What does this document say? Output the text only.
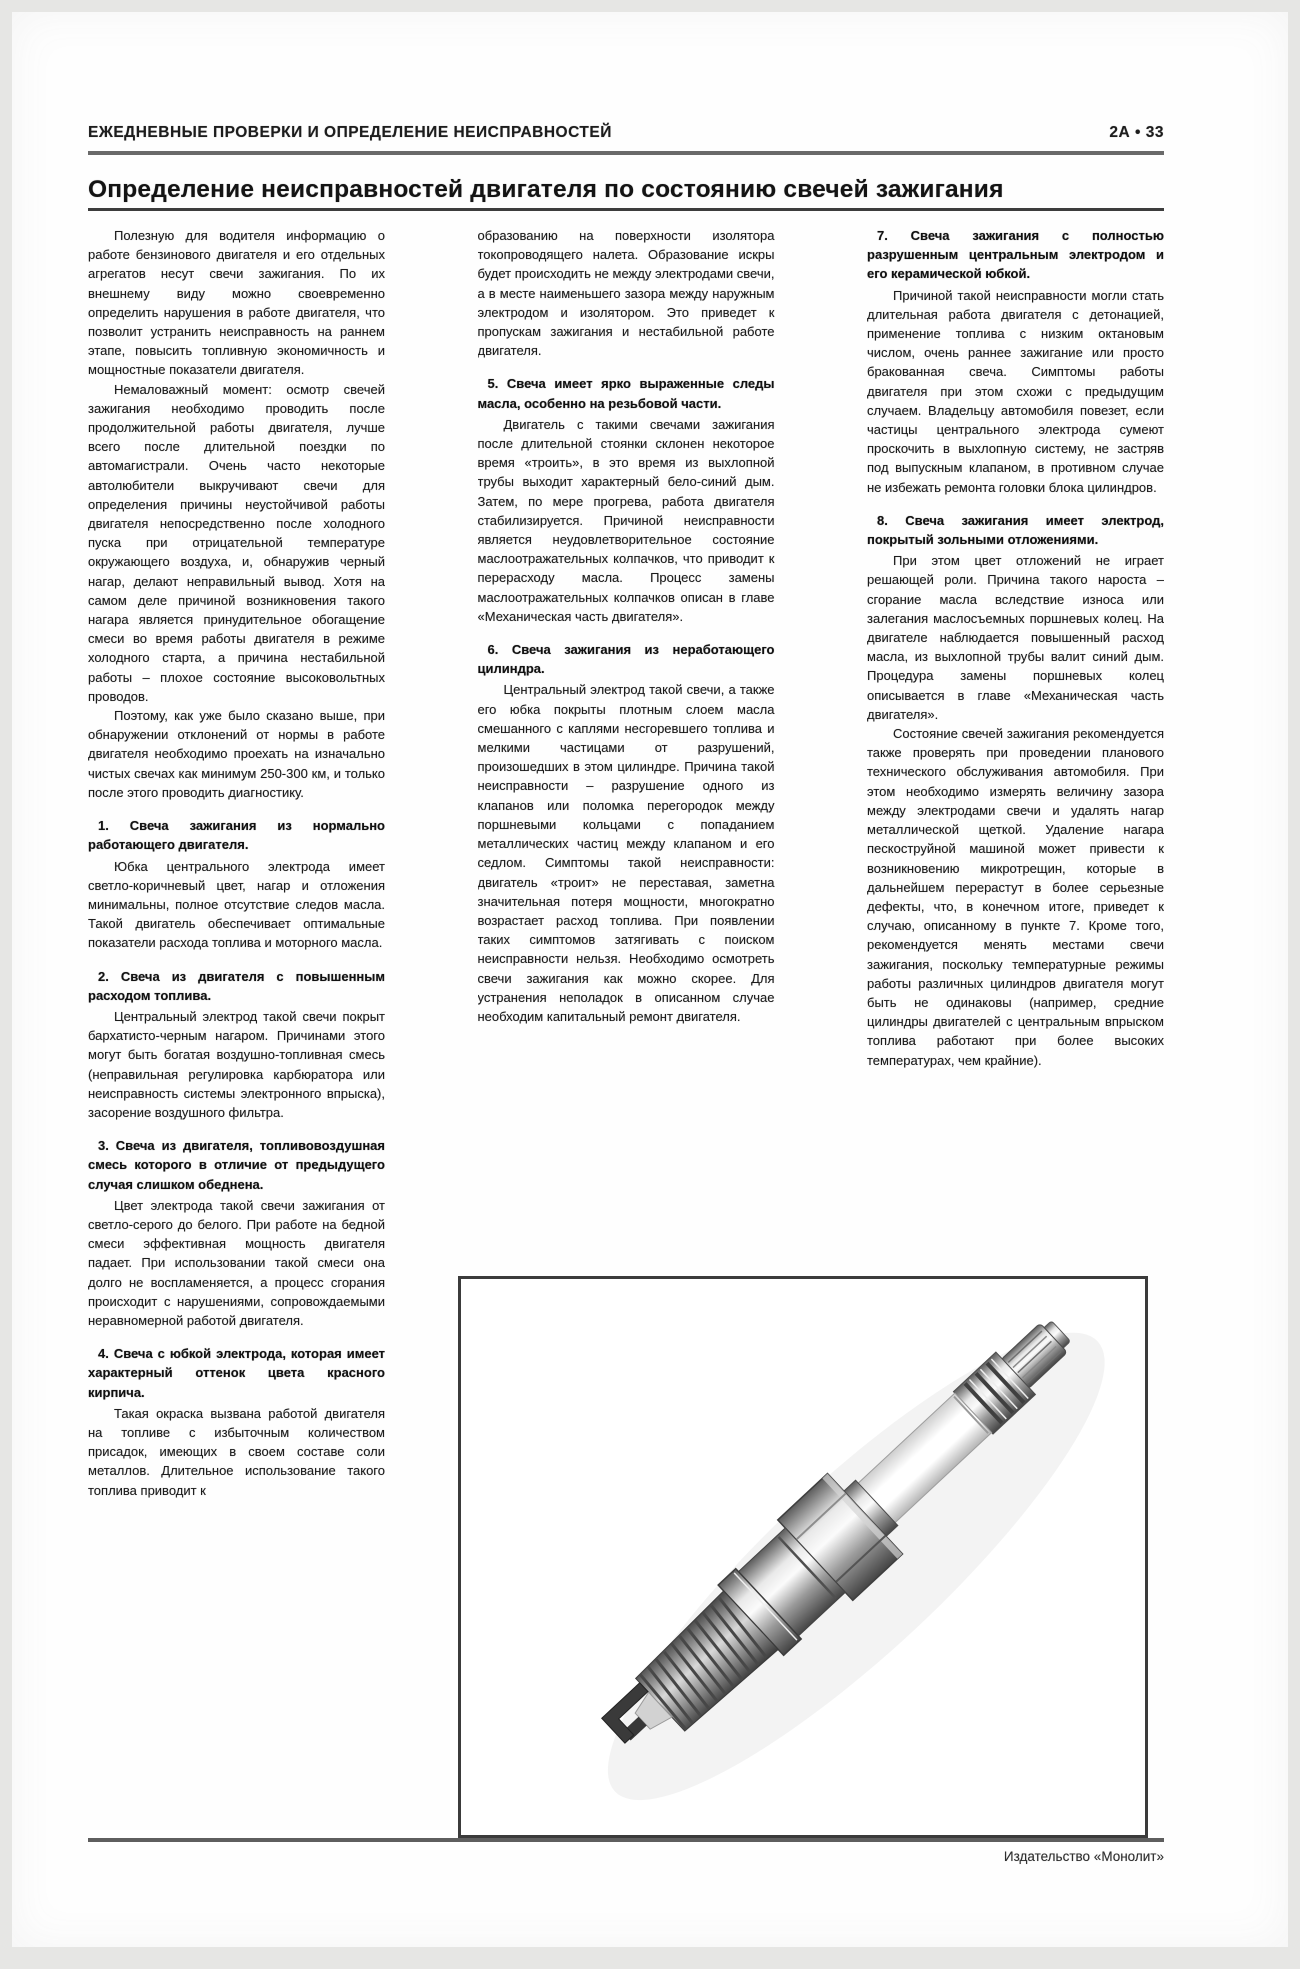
ЕЖЕДНЕВНЫЕ ПРОВЕРКИ И ОПРЕДЕЛЕНИЕ НЕИСПРАВНОСТЕЙ	2А • 33
Определение неисправностей двигателя по состоянию свечей зажигания

Полезную для водителя информацию о работе бензинового двигателя и его отдельных агрегатов несут свечи зажигания. По их внешнему виду можно своевременно определить нарушения в работе двигателя, что позволит устранить неисправность на раннем этапе, повысить топливную экономичность и мощностные показатели двигателя.

Немаловажный момент: осмотр свечей зажигания необходимо проводить после продолжительной работы двигателя, лучше всего после длительной поездки по автомагистрали. Очень часто некоторые автолюбители выкручивают свечи для определения причины неустойчивой работы двигателя непосредственно после холодного пуска при отрицательной температуре окружающего воздуха, и, обнаружив черный нагар, делают неправильный вывод. Хотя на самом деле причиной возникновения такого нагара является принудительное обогащение смеси во время работы двигателя в режиме холодного старта, а причина нестабильной работы – плохое состояние высоковольтных проводов.

Поэтому, как уже было сказано выше, при обнаружении отклонений от нормы в работе двигателя необходимо проехать на изначально чистых свечах как минимум 250-300 км, и только после этого проводить диагностику.

1. Свеча зажигания из нормально работающего двигателя.

Юбка центрального электрода имеет светло-коричневый цвет, нагар и отложения минимальны, полное отсутствие следов масла. Такой двигатель обеспечивает оптимальные показатели расхода топлива и моторного масла.

2. Свеча из двигателя с повышенным расходом топлива.

Центральный электрод такой свечи покрыт бархатисто-черным нагаром. Причинами этого могут быть богатая воздушно-топливная смесь (неправильная регулировка карбюратора или неисправность системы электронного впрыска), засорение воздушного фильтра.

3. Свеча из двигателя, топливовоздушная смесь которого в отличие от предыдущего случая слишком обеднена.

Цвет электрода такой свечи зажигания от светло-серого до белого. При работе на бедной смеси эффективная мощность двигателя падает. При использовании такой смеси она долго не воспламеняется, а процесс сгорания происходит с нарушениями, сопровождаемыми неравномерной работой двигателя.

4. Свеча с юбкой электрода, которая имеет характерный оттенок цвета красного кирпича.

Такая окраска вызвана работой двигателя на топливе с избыточным количеством присадок, имеющих в своем составе соли металлов. Длительное использование такого топлива приводит к

образованию на поверхности изолятора токопроводящего налета. Образование искры будет происходить не между электродами свечи, а в месте наименьшего зазора между наружным электродом и изолятором. Это приведет к пропускам зажигания и нестабильной работе двигателя.

5. Свеча имеет ярко выраженные следы масла, особенно на резьбовой части.

Двигатель с такими свечами зажигания после длительной стоянки склонен некоторое время «троить», в это время из выхлопной трубы выходит характерный бело-синий дым. Затем, по мере прогрева, работа двигателя стабилизируется. Причиной неисправности является неудовлетворительное состояние маслоотражательных колпачков, что приводит к перерасходу масла. Процесс замены маслоотражательных колпачков описан в главе «Механическая часть двигателя».

6. Свеча зажигания из неработающего цилиндра.

Центральный электрод такой свечи, а также его юбка покрыты плотным слоем масла смешанного с каплями несгоревшего топлива и мелкими частицами от разрушений, произошедших в этом цилиндре. Причина такой неисправности – разрушение одного из клапанов или поломка перегородок между поршневыми кольцами с попаданием металлических частиц между клапаном и его седлом. Симптомы такой неисправности: двигатель «троит» не переставая, заметна значительная потеря мощности, многократно возрастает расход топлива. При появлении таких симптомов затягивать с поиском неисправности нельзя. Необходимо осмотреть свечи зажигания как можно скорее. Для устранения неполадок в описанном случае необходим капитальный ремонт двигателя.

7. Свеча зажигания с полностью разрушенным центральным электродом и его керамической юбкой.

Причиной такой неисправности могли стать длительная работа двигателя с детонацией, применение топлива с низким октановым числом, очень раннее зажигание или просто бракованная свеча. Симптомы работы двигателя при этом схожи с предыдущим случаем. Владельцу автомобиля повезет, если частицы центрального электрода сумеют проскочить в выхлопную систему, не застряв под выпускным клапаном, в противном случае не избежать ремонта головки блока цилиндров.

8. Свеча зажигания имеет электрод, покрытый зольными отложениями.

При этом цвет отложений не играет решающей роли. Причина такого нароста – сгорание масла вследствие износа или залегания маслосъемных поршневых колец. На двигателе наблюдается повышенный расход масла, из выхлопной трубы валит синий дым. Процедура замены поршневых колец описывается в главе «Механическая часть двигателя».

Состояние свечей зажигания рекомендуется также проверять при проведении планового технического обслуживания автомобиля. При этом необходимо измерять величину зазора между электродами свечи и удалять нагар металлической щеткой. Удаление нагара пескоструйной машиной может привести к возникновению микротрещин, которые в дальнейшем перерастут в более серьезные дефекты, что, в конечном итоге, приведет к случаю, описанному в пункте 7. Кроме того, рекомендуется менять местами свечи зажигания, поскольку температурные режимы работы различных цилиндров двигателя могут быть не одинаковы (например, средние цилиндры двигателей с центральным впрыском топлива работают при более высоких температурах, чем крайние).

Издательство «Монолит»
